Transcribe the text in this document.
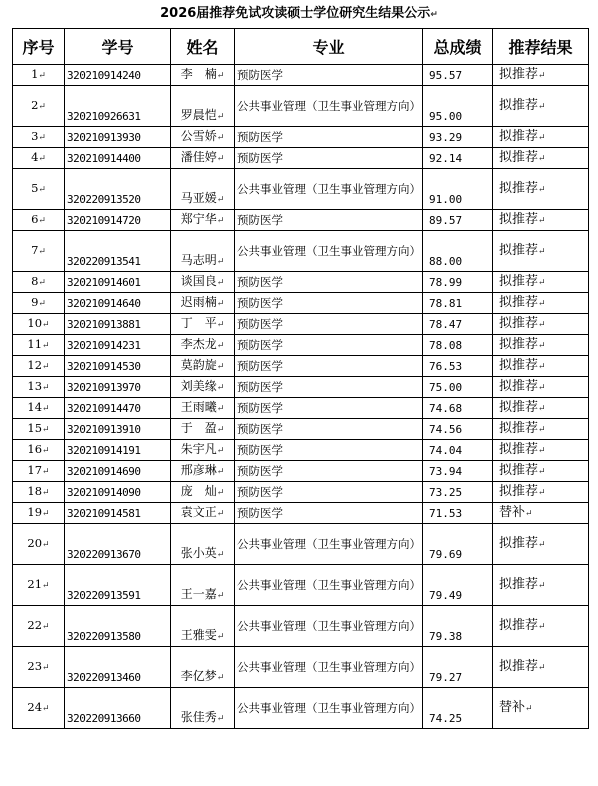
2026届推荐免试攻读硕士学位研究生结果公示↵
序号	学号	姓名	专业	总成绩	推荐结果
1↵	320210914240	李　楠↵	预防医学	95.57	拟推荐↵
2↵	320210926631	罗晨恺↵	公共事业管理（卫生事业管理方向）	95.00	拟推荐↵
3↵	320210913930	公雪娇↵	预防医学	93.29	拟推荐↵
4↵	320210914400	潘佳婷↵	预防医学	92.14	拟推荐↵
5↵	320220913520	马亚媛↵	公共事业管理（卫生事业管理方向）	91.00	拟推荐↵
6↵	320210914720	郑宁华↵	预防医学	89.57	拟推荐↵
7↵	320220913541	马志明↵	公共事业管理（卫生事业管理方向）	88.00	拟推荐↵
8↵	320210914601	谈国良↵	预防医学	78.99	拟推荐↵
9↵	320210914640	迟雨楠↵	预防医学	78.81	拟推荐↵
10↵	320210913881	丁　平↵	预防医学	78.47	拟推荐↵
11↵	320210914231	李杰龙↵	预防医学	78.08	拟推荐↵
12↵	320210914530	莫韵旋↵	预防医学	76.53	拟推荐↵
13↵	320210913970	刘美缘↵	预防医学	75.00	拟推荐↵
14↵	320210914470	王雨曦↵	预防医学	74.68	拟推荐↵
15↵	320210913910	于　盈↵	预防医学	74.56	拟推荐↵
16↵	320210914191	朱宇凡↵	预防医学	74.04	拟推荐↵
17↵	320210914690	邢彦琳↵	预防医学	73.94	拟推荐↵
18↵	320210914090	庞　灿↵	预防医学	73.25	拟推荐↵
19↵	320210914581	袁文正↵	预防医学	71.53	替补↵
20↵	320220913670	张小英↵	公共事业管理（卫生事业管理方向）	79.69	拟推荐↵
21↵	320220913591	王一嘉↵	公共事业管理（卫生事业管理方向）	79.49	拟推荐↵
22↵	320220913580	王雅雯↵	公共事业管理（卫生事业管理方向）	79.38	拟推荐↵
23↵	320220913460	李亿梦↵	公共事业管理（卫生事业管理方向）	79.27	拟推荐↵
24↵	320220913660	张佳秀↵	公共事业管理（卫生事业管理方向）	74.25	替补↵
